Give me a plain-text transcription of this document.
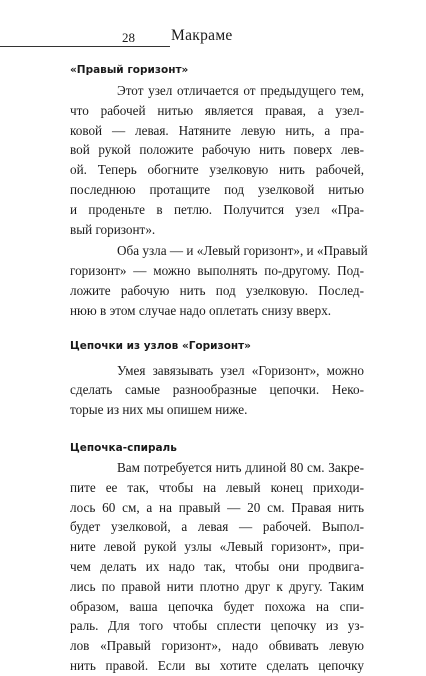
28 Макраме
«Правый горизонт»
Этот узел отличается от предыдущего тем,
что рабочей нитью является правая, а узел-
ковой — левая. Натяните левую нить, а пра-
вой рукой положите рабочую нить поверх лев-
ой. Теперь обогните узелковую нить рабочей,
последнюю протащите под узелковой нитью
и проденьте в петлю. Получится узел «Пра-
вый горизонт».
Оба узла — и «Левый горизонт», и «Правый
горизонт» — можно выполнять по-другому. Под-
ложите рабочую нить под узелковую. Послед-
нюю в этом случае надо оплетать снизу вверх.
Цепочки из узлов «Горизонт»
Умея завязывать узел «Горизонт», можно
сделать самые разнообразные цепочки. Неко-
торые из них мы опишем ниже.
Цепочка-спираль
Вам потребуется нить длиной 80 см. Закре-
пите ее так, чтобы на левый конец приходи-
лось 60 см, а на правый — 20 см. Правая нить
будет узелковой, а левая — рабочей. Выпол-
ните левой рукой узлы «Левый горизонт», при-
чем делать их надо так, чтобы они продвига-
лись по правой нити плотно друг к другу. Таким
образом, ваша цепочка будет похожа на спи-
раль. Для того чтобы сплести цепочку из уз-
лов «Правый горизонт», надо обвивать левую
нить правой. Если вы хотите сделать цепочку
